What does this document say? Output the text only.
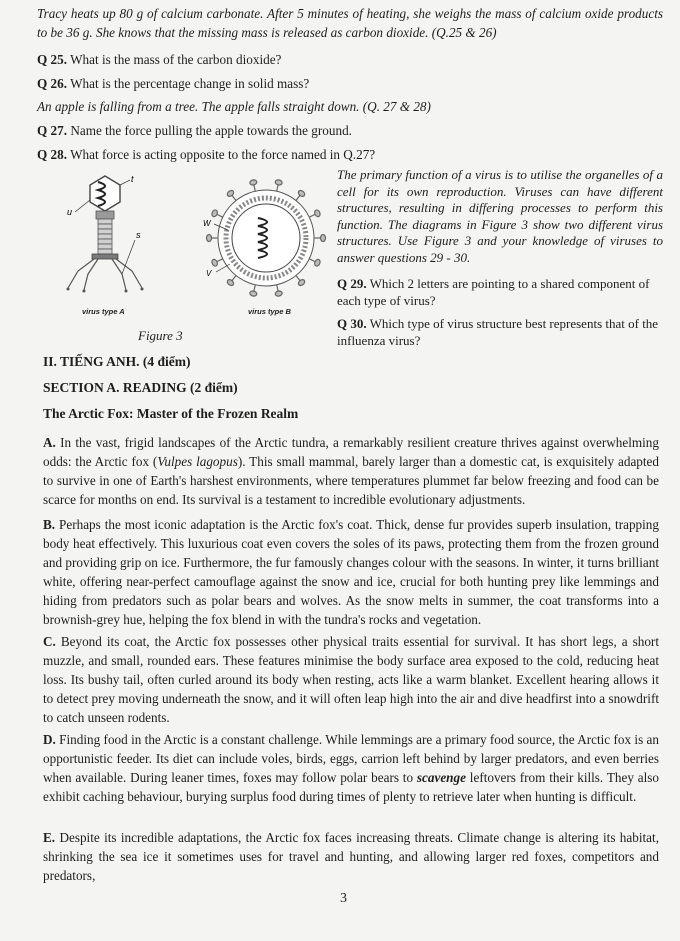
Tracy heats up 80 g of calcium carbonate. After 5 minutes of heating, she weighs the mass of calcium oxide products to be 36 g. She knows that the missing mass is released as carbon dioxide. (Q.25 & 26)
Q 25. What is the mass of the carbon dioxide?
Q 26. What is the percentage change in solid mass?
An apple is falling from a tree. The apple falls straight down. (Q. 27 & 28)
Q 27. Name the force pulling the apple towards the ground.
Q 28. What force is acting opposite to the force named in Q.27?
t
u
s
W
V
virus type A	virus type B
Figure 3
The primary function of a virus is to utilise the organelles of a cell for its own reproduction. Viruses can have different structures, resulting in differing processes to perform this function. The diagrams in Figure 3 show two different virus structures. Use Figure 3 and your knowledge of viruses to answer questions 29 - 30.
Q 29. Which 2 letters are pointing to a shared component of each type of virus?
Q 30. Which type of virus structure best represents that of the influenza virus?
II. TIẾNG ANH. (4 điểm)
SECTION A. READING (2 điểm)
The Arctic Fox: Master of the Frozen Realm
A. In the vast, frigid landscapes of the Arctic tundra, a remarkably resilient creature thrives against overwhelming odds: the Arctic fox (Vulpes lagopus). This small mammal, barely larger than a domestic cat, is exquisitely adapted to survive in one of Earth's harshest environments, where temperatures plummet far below freezing and food can be scarce for months on end. Its survival is a testament to incredible evolutionary adjustments.
B. Perhaps the most iconic adaptation is the Arctic fox's coat. Thick, dense fur provides superb insulation, trapping body heat effectively. This luxurious coat even covers the soles of its paws, protecting them from the frozen ground and providing grip on ice. Furthermore, the fur famously changes colour with the seasons. In winter, it turns brilliant white, offering near-perfect camouflage against the snow and ice, crucial for both hunting prey like lemmings and hiding from predators such as polar bears and wolves. As the snow melts in summer, the coat transforms into a brownish-grey hue, helping the fox blend in with the tundra's rocks and vegetation.
C. Beyond its coat, the Arctic fox possesses other physical traits essential for survival. It has short legs, a short muzzle, and small, rounded ears. These features minimise the body surface area exposed to the cold, reducing heat loss. Its bushy tail, often curled around its body when resting, acts like a warm blanket. Excellent hearing allows it to detect prey moving underneath the snow, and it will often leap high into the air and dive headfirst into a snowdrift to catch unseen rodents.
D. Finding food in the Arctic is a constant challenge. While lemmings are a primary food source, the Arctic fox is an opportunistic feeder. Its diet can include voles, birds, eggs, carrion left behind by larger predators, and even berries when available. During leaner times, foxes may follow polar bears to scavenge leftovers from their kills. They also exhibit caching behaviour, burying surplus food during times of plenty to retrieve later when hunting is difficult.
E. Despite its incredible adaptations, the Arctic fox faces increasing threats. Climate change is altering its habitat, shrinking the sea ice it sometimes uses for travel and hunting, and allowing larger red foxes, competitors and predators,
3
